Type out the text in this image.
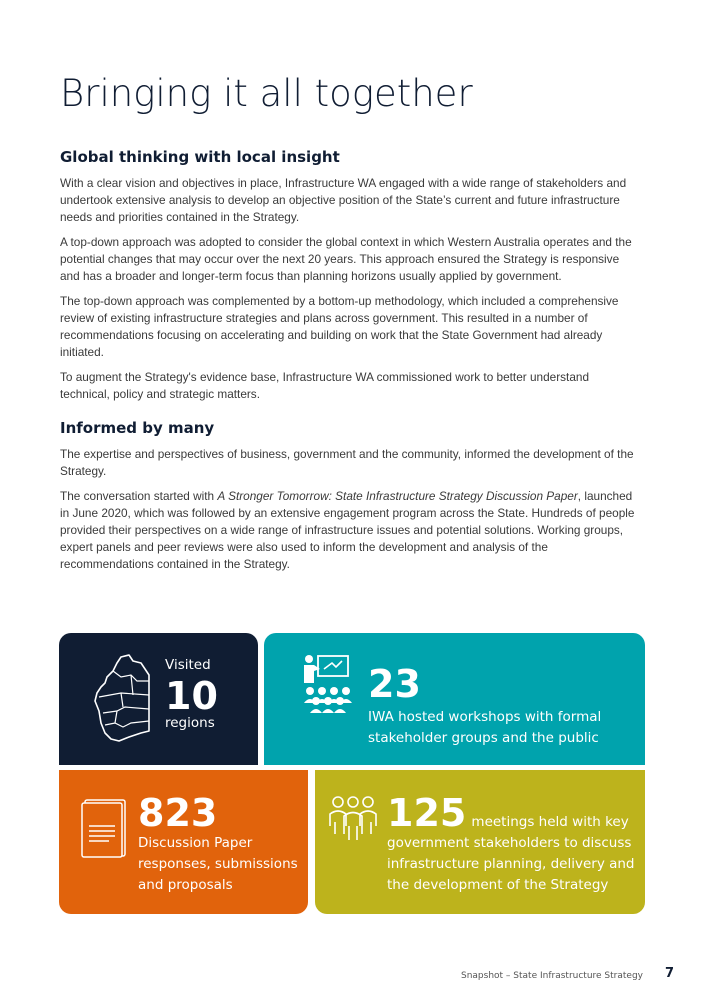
Bringing it all together
Global thinking with local insight

With a clear vision and objectives in place, Infrastructure WA engaged with a wide range of stakeholders and undertook extensive analysis to develop an objective position of the State’s current and future infrastructure needs and priorities contained in the Strategy.

A top-down approach was adopted to consider the global context in which Western Australia operates and the potential changes that may occur over the next 20 years. This approach ensured the Strategy is responsive and has a broader and longer-term focus than planning horizons usually applied by government.

The top-down approach was complemented by a bottom-up methodology, which included a comprehensive review of existing infrastructure strategies and plans across government. This resulted in a number of recommendations focusing on accelerating and building on work that the State Government had already initiated.

To augment the Strategy's evidence base, Infrastructure WA commissioned work to better understand technical, policy and strategic matters.

Informed by many

The expertise and perspectives of business, government and the community, informed the development of the Strategy.

The conversation started with A Stronger Tomorrow: State Infrastructure Strategy Discussion Paper, launched in June 2020, which was followed by an extensive engagement program across the State. Hundreds of people provided their perspectives on a wide range of infrastructure issues and potential solutions. Working groups, expert panels and peer reviews were also used to inform the development and analysis of the recommendations contained in the Strategy.

Visited
10
regions
23
IWA hosted workshops with formal
stakeholder groups and the public
823
Discussion Paper
responses, submissions
and proposals
125 meetings held with key
government stakeholders to discuss
infrastructure planning, delivery and
the development of the Strategy
Snapshot – State Infrastructure Strategy 7
